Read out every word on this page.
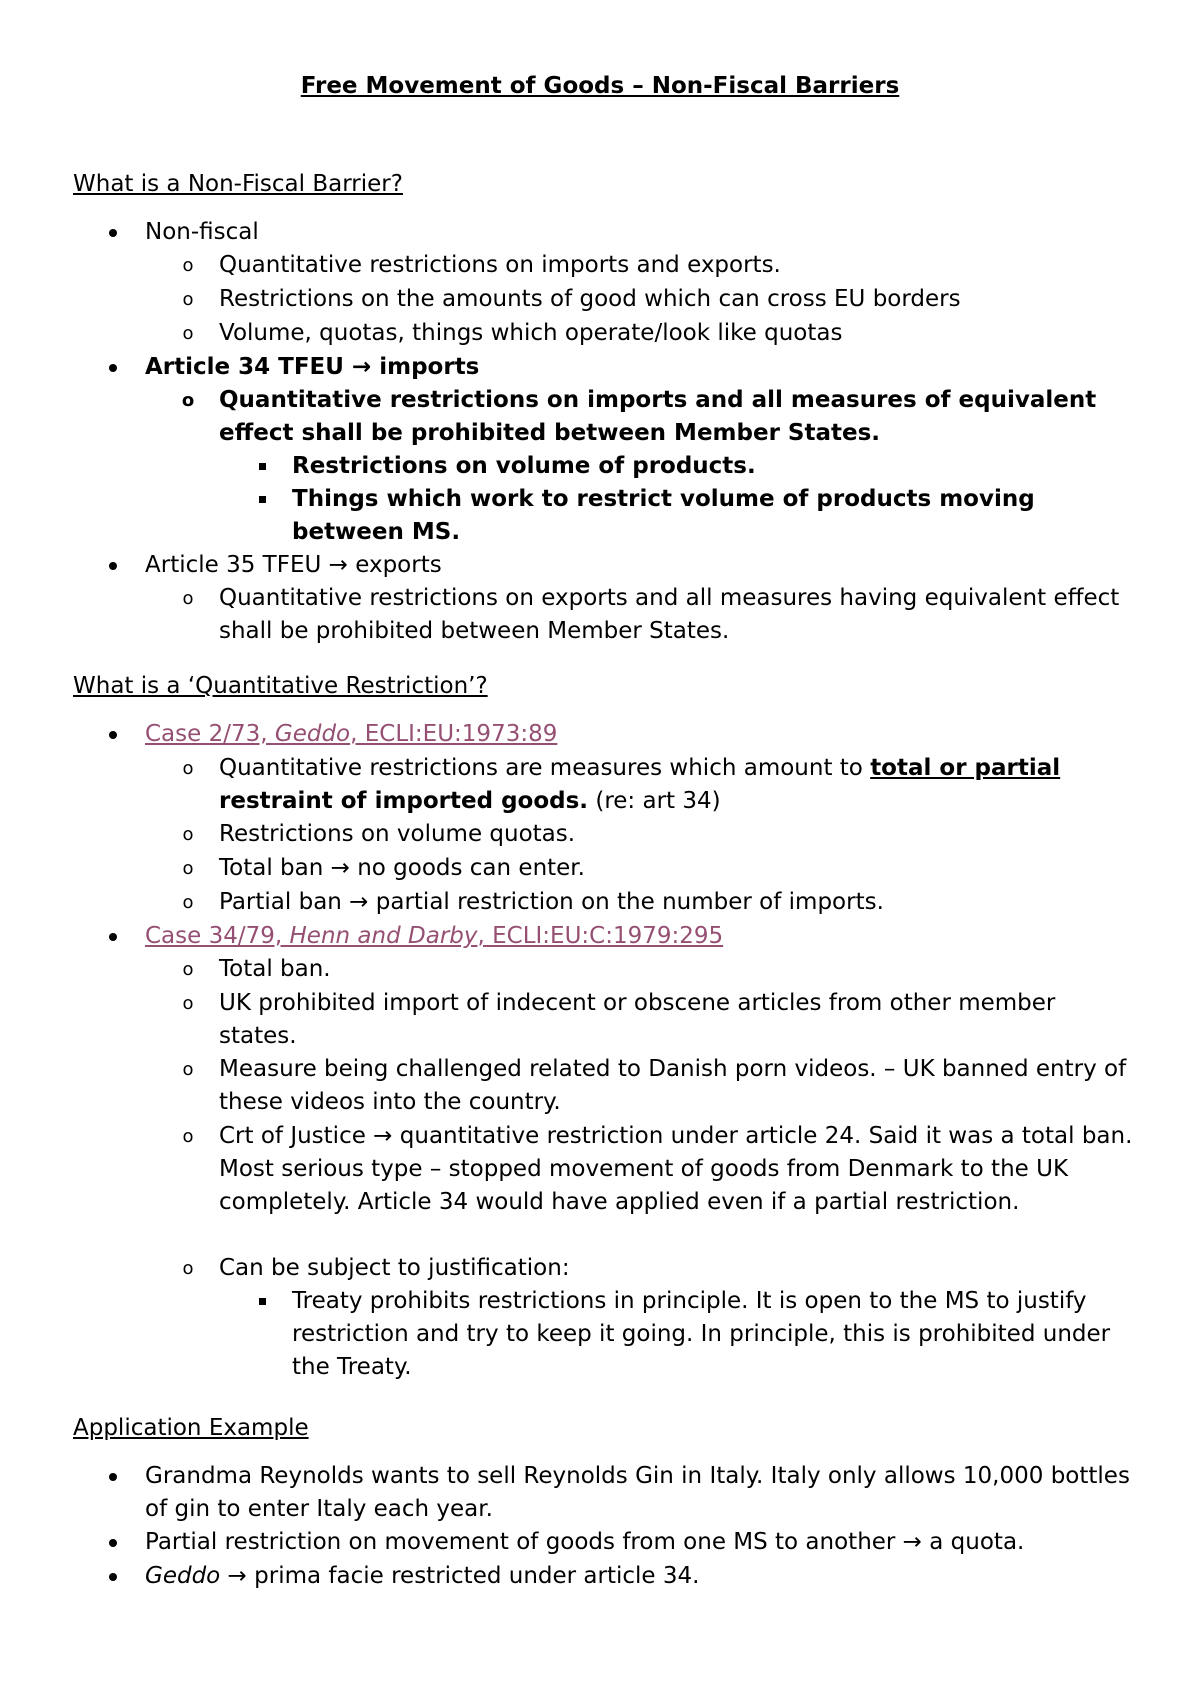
Free Movement of Goods – Non-Fiscal Barriers
What is a Non-Fiscal Barrier?
Non-fiscal
o Quantitative restrictions on imports and exports.
o Restrictions on the amounts of good which can cross EU borders
o Volume, quotas, things which operate/look like quotas
Article 34 TFEU → imports
o Quantitative restrictions on imports and all measures of equivalent effect shall be prohibited between Member States.
Restrictions on volume of products.
Things which work to restrict volume of products moving between MS.
Article 35 TFEU → exports
o Quantitative restrictions on exports and all measures having equivalent effect shall be prohibited between Member States.
What is a ‘Quantitative Restriction’?
Case 2/73, Geddo, ECLI:EU:1973:89
o Quantitative restrictions are measures which amount to total or partial restraint of imported goods. (re: art 34)
o Restrictions on volume quotas.
o Total ban → no goods can enter.
o Partial ban → partial restriction on the number of imports.
Case 34/79, Henn and Darby, ECLI:EU:C:1979:295
o Total ban.
o UK prohibited import of indecent or obscene articles from other member states.
o Measure being challenged related to Danish porn videos. – UK banned entry of these videos into the country.
o Crt of Justice → quantitative restriction under article 24. Said it was a total ban. Most serious type – stopped movement of goods from Denmark to the UK completely. Article 34 would have applied even if a partial restriction.
o Can be subject to justification:
Treaty prohibits restrictions in principle. It is open to the MS to justify restriction and try to keep it going. In principle, this is prohibited under the Treaty.
Application Example
Grandma Reynolds wants to sell Reynolds Gin in Italy. Italy only allows 10,000 bottles of gin to enter Italy each year.
Partial restriction on movement of goods from one MS to another → a quota.
Geddo → prima facie restricted under article 34.
